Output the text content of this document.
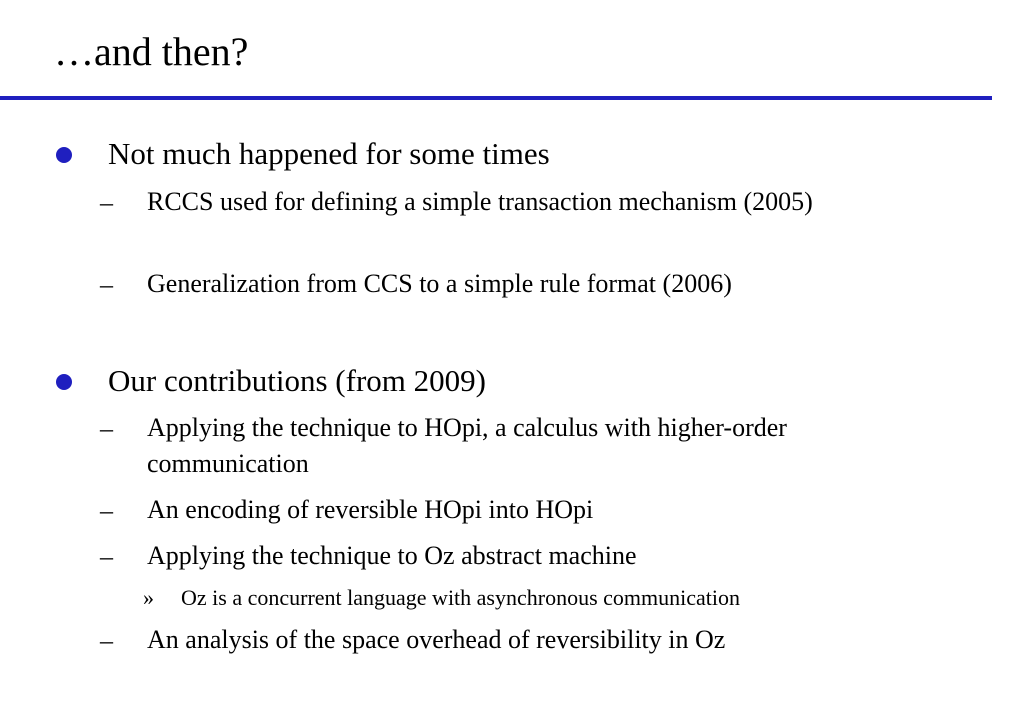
…and then?
Not much happened for some times
– RCCS used for defining a simple transaction mechanism (2005)
– Generalization from CCS to a simple rule format (2006)
Our contributions (from 2009)
– Applying the technique to HOpi, a calculus with higher-order communication
– An encoding of reversible HOpi into HOpi
– Applying the technique to Oz abstract machine
» Oz is a concurrent language with asynchronous communication
– An analysis of the space overhead of reversibility in Oz
